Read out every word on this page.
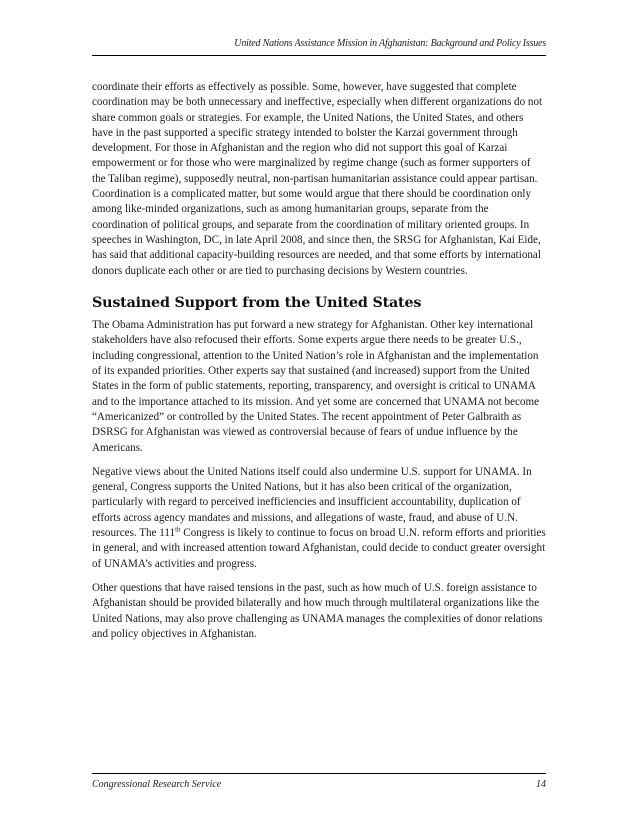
United Nations Assistance Mission in Afghanistan: Background and Policy Issues

coordinate their efforts as effectively as possible. Some, however, have suggested that complete coordination may be both unnecessary and ineffective, especially when different organizations do not share common goals or strategies. For example, the United Nations, the United States, and others have in the past supported a specific strategy intended to bolster the Karzai government through development. For those in Afghanistan and the region who did not support this goal of Karzai empowerment or for those who were marginalized by regime change (such as former supporters of the Taliban regime), supposedly neutral, non-partisan humanitarian assistance could appear partisan. Coordination is a complicated matter, but some would argue that there should be coordination only among like-minded organizations, such as among humanitarian groups, separate from the coordination of political groups, and separate from the coordination of military oriented groups. In speeches in Washington, DC, in late April 2008, and since then, the SRSG for Afghanistan, Kai Eide, has said that additional capacity-building resources are needed, and that some efforts by international donors duplicate each other or are tied to purchasing decisions by Western countries.

Sustained Support from the United States

The Obama Administration has put forward a new strategy for Afghanistan. Other key international stakeholders have also refocused their efforts. Some experts argue there needs to be greater U.S., including congressional, attention to the United Nation’s role in Afghanistan and the implementation of its expanded priorities. Other experts say that sustained (and increased) support from the United States in the form of public statements, reporting, transparency, and oversight is critical to UNAMA and to the importance attached to its mission. And yet some are concerned that UNAMA not become “Americanized” or controlled by the United States. The recent appointment of Peter Galbraith as DSRSG for Afghanistan was viewed as controversial because of fears of undue influence by the Americans.

Negative views about the United Nations itself could also undermine U.S. support for UNAMA. In general, Congress supports the United Nations, but it has also been critical of the organization, particularly with regard to perceived inefficiencies and insufficient accountability, duplication of efforts across agency mandates and missions, and allegations of waste, fraud, and abuse of U.N. resources. The 111th Congress is likely to continue to focus on broad U.N. reform efforts and priorities in general, and with increased attention toward Afghanistan, could decide to conduct greater oversight of UNAMA’s activities and progress.

Other questions that have raised tensions in the past, such as how much of U.S. foreign assistance to Afghanistan should be provided bilaterally and how much through multilateral organizations like the United Nations, may also prove challenging as UNAMA manages the complexities of donor relations and policy objectives in Afghanistan.

Congressional Research Service	14
